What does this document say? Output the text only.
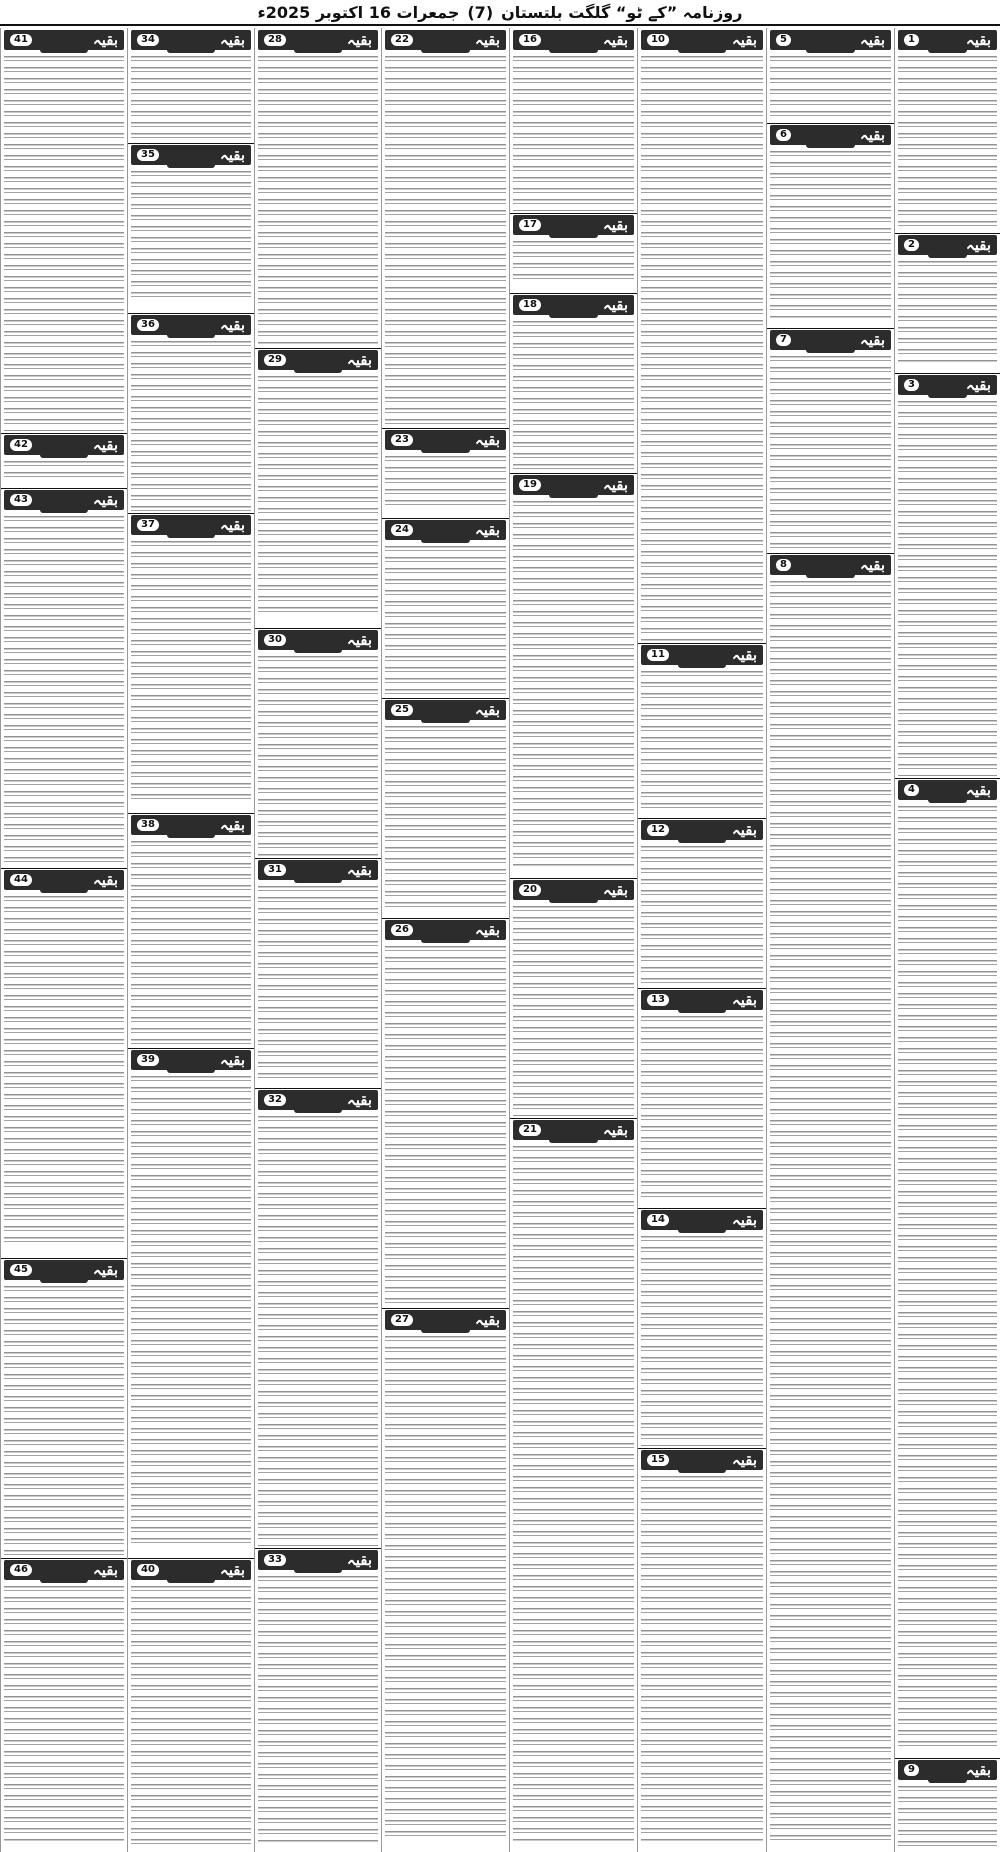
روزنامہ ”کے ٹو“ گلگت بلتستان
(7)
جمعرات 16 اکتوبر 2025ء
بقیہ
1
بقیہ
2
بقیہ
3
بقیہ
4
بقیہ
9
بقیہ
5
بقیہ
6
بقیہ
7
بقیہ
8
بقیہ
10
بقیہ
11
بقیہ
12
بقیہ
13
بقیہ
14
بقیہ
15
بقیہ
16
بقیہ
17
بقیہ
18
بقیہ
19
بقیہ
20
بقیہ
21
بقیہ
22
بقیہ
23
بقیہ
24
بقیہ
25
بقیہ
26
بقیہ
27
بقیہ
28
بقیہ
29
بقیہ
30
بقیہ
31
بقیہ
32
بقیہ
33
بقیہ
34
بقیہ
35
بقیہ
36
بقیہ
37
بقیہ
38
بقیہ
39
بقیہ
40
بقیہ
41
بقیہ
42
بقیہ
43
بقیہ
44
بقیہ
45
بقیہ
46
